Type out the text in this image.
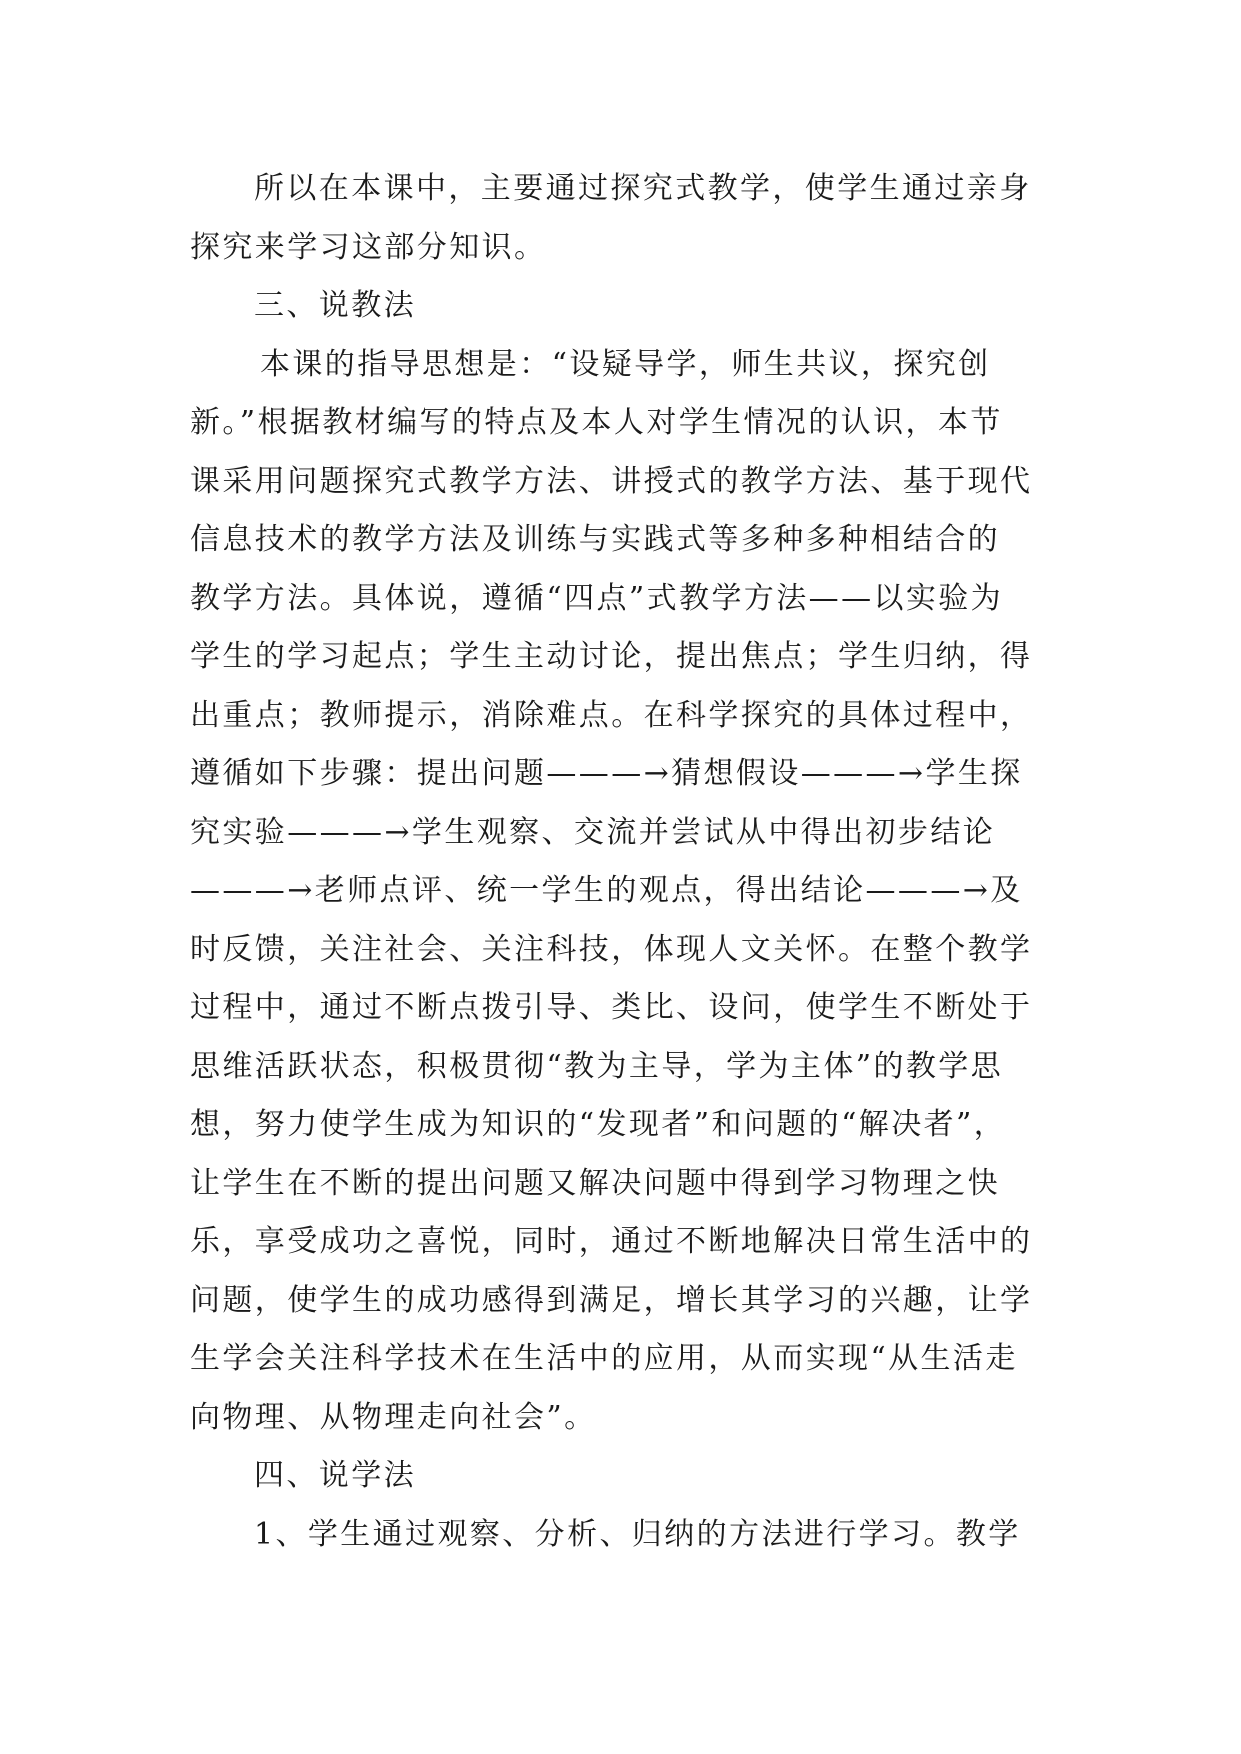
所以在本课中，主要通过探究式教学，使学生通过亲身
探究来学习这部分知识。
三、说教法
本课的指导思想是：“设疑导学，师生共议，探究创
新。”根据教材编写的特点及本人对学生情况的认识，本节
课采用问题探究式教学方法、讲授式的教学方法、基于现代
信息技术的教学方法及训练与实践式等多种多种相结合的
教学方法。具体说，遵循“四点”式教学方法——以实验为
学生的学习起点；学生主动讨论，提出焦点；学生归纳，得
出重点；教师提示，消除难点。在科学探究的具体过程中，
遵循如下步骤：提出问题———→猜想假设———→学生探
究实验———→学生观察、交流并尝试从中得出初步结论
———→老师点评、统一学生的观点，得出结论———→及
时反馈，关注社会、关注科技，体现人文关怀。在整个教学
过程中，通过不断点拨引导、类比、设问，使学生不断处于
思维活跃状态，积极贯彻“教为主导，学为主体”的教学思
想，努力使学生成为知识的“发现者”和问题的“解决者”，
让学生在不断的提出问题又解决问题中得到学习物理之快
乐，享受成功之喜悦，同时，通过不断地解决日常生活中的
问题，使学生的成功感得到满足，增长其学习的兴趣，让学
生学会关注科学技术在生活中的应用，从而实现“从生活走
向物理、从物理走向社会”。
四、说学法
1、学生通过观察、分析、归纳的方法进行学习。教学
